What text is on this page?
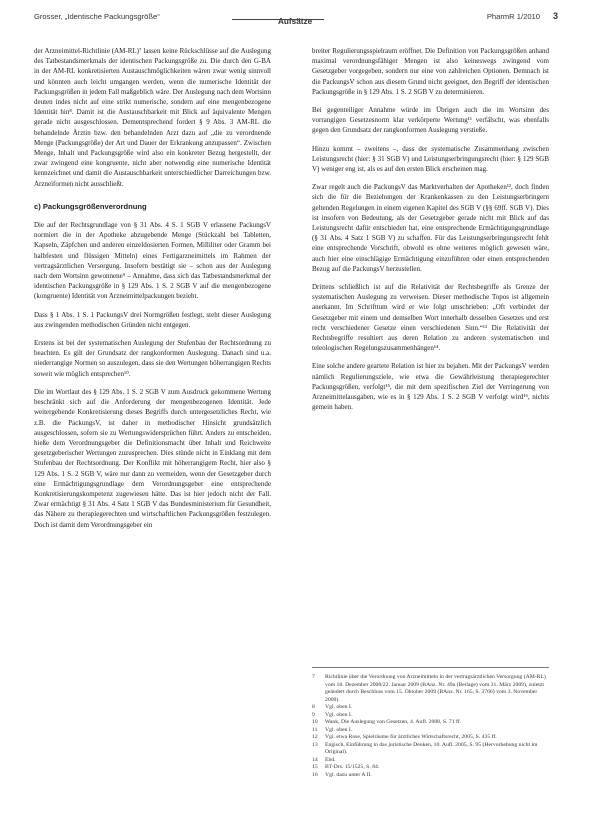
Grosser, „Identische Packungsgröße“
Aufsätze
PharmR 1/2010 3

der Arzneimittel-Richtlinie (AM-RL)⁷ lassen keine Rückschlüsse auf die Auslegung des Tatbestandsmerkmals der identischen Packungsgröße zu. Die durch den G-BA in der AM-RL konkretisierten Austauschmöglichkeiten wären zwar wenig sinnvoll und könnten auch leicht umgangen werden, wenn die numerische Identität der Packungsgrößen in jedem Fall maßgeblich wäre. Der Auslegung nach dem Wortsinn deuten indes nicht auf eine strikt numerische, sondern auf eine mengenbezogene Identität hin⁸. Damit ist die Austauschbarkeit mit Blick auf äquivalente Mengen gerade nicht ausgeschlossen. Dementsprechend fordert § 9 Abs. 3 AM-RL die behandelnde Ärztin bzw. den behandelnden Arzt dazu auf „die zu verordnende Menge (Packungsgröße) der Art und Dauer der Erkrankung anzupassen“. Zwischen Menge, Inhalt und Packungsgröße wird also ein konkreter Bezug hergestellt, der zwar zwingend eine kongruente, nicht aber notwendig eine numerische Identität kennzeichnet und damit die Austauschbarkeit unterschiedlicher Darreichungen bzw. Arzneiformen nicht ausschließt.

c) Packungsgrößenverordnung

Die auf der Rechtsgrundlage von § 31 Abs. 4 S. 1 SGB V erlassene PackungsV normiert die in der Apotheke abzugebende Menge (Stückzahl bei Tabletten, Kapseln, Zäpfchen und anderen einzeldosierten Formen, Milliliter oder Gramm bei halbfesten und flüssigen Mitteln) eines Fertigarzneimittels im Rahmen der vertragsärztlichen Versorgung. Insofern bestätigt sie – schon aus der Auslegung nach dem Wortsinn gewonnene⁹ – Annahme, dass sich das Tatbestandsmerkmal der identischen Packungsgröße in § 129 Abs. 1 S. 2 SGB V auf die mengenbezogene (kongruente) Identität von Arzneimittelpackungen bezieht.

Dass § 1 Abs. 1 S. 1 PackungsV drei Normgrößen festlegt, steht dieser Auslegung aus zwingenden methodischen Gründen nicht entgegen.

Erstens ist bei der systematischen Auslegung der Stufenbau der Rechtsordnung zu beachten. Es gilt der Grundsatz der rangkonformen Auslegung. Danach sind u.a. niederrangige Normen so auszulegen, dass sie den Wertungen höherrangigen Rechts soweit wie möglich entsprechen¹⁰.

Die im Wortlaut des § 129 Abs. 1 S. 2 SGB V zum Ausdruck gekommene Wertung beschränkt sich auf die Anforderung der mengenbezogenen Identität. Jede weitergehende Konkretisierung dieses Begriffs durch untergesetzliches Recht, wie z.B. die PackungsV, ist daher in methodischer Hinsicht grundsätzlich ausgeschlossen, sofern sie zu Wertungswidersprüchen führt. Anders zu entscheiden, hieße dem Verordnungsgeber die Definitionsmacht über Inhalt und Reichweite gesetzgeberischer Wertungen zuzusprechen. Dies stünde nicht in Einklang mit dem Stufenbau der Rechtsordnung. Der Konflikt mit höherrangigem Recht, hier also § 129 Abs. 1 S. 2 SGB V, wäre nur dann zu vermeiden, wenn der Gesetzgeber durch eine Ermächtigungsgrundlage dem Verordnungsgeber eine entsprechende Konkretisierungskompetenz zugewiesen hätte. Das ist hier jedoch nicht der Fall. Zwar ermächtigt § 31 Abs. 4 Satz 1 SGB V das Bundesministerium für Gesundheit, das Nähere zu therapiegerechten und wirtschaftlichen Packungsgrößen festzulegen. Doch ist damit dem Verordnungsgeber ein

breiter Regulierungsspielraum eröffnet. Die Definition von Packungsgrößen anhand maximal verordnungsfähiger Mengen ist also keineswegs zwingend vom Gesetzgeber vorgegeben, sondern nur eine von zahlreichen Optionen. Demnach ist die PackungsV schon aus diesem Grund nicht geeignet, den Begriff der identischen Packungsgröße in § 129 Abs. 1 S. 2 SGB V zu determinieren.

Bei gegenteiliger Annahme würde im Übrigen auch die im Wortsinn des vorrangigen Gesetzesnorm klar verkörperte Wertung¹¹ verfälscht, was ebenfalls gegen den Grundsatz der rangkonformen Auslegung verstieße.

Hinzu kommt – zweitens –, dass der systematische Zusammenhang zwischen Leistungsrecht (hier: § 31 SGB V) und Leistungserbringungsrecht (hier: § 129 SGB V) weniger eng ist, als es auf den ersten Blick erscheinen mag.

Zwar regelt auch die PackungsV das Marktverhalten der Apotheken¹², doch finden sich die für die Beziehungen der Krankenkassen zu den Leistungserbringern geltenden Regelungen in einem eigenen Kapitel des SGB V (§§ 69ff. SGB V). Dies ist insofern von Bedeutung, als der Gesetzgeber gerade nicht mit Blick auf das Leistungsrecht dafür entschieden hat, eine entsprechende Ermächtigungsgrundlage (§ 31 Abs. 4 Satz 1 SGB V) zu schaffen. Für das Leistungserbringungsrecht fehlt eine entsprechende Vorschrift, obwohl es ohne weiteres möglich gewesen wäre, auch hier eine einschlägige Ermächtigung einzuführen oder einen entsprechenden Bezug auf die PackungsV herzustellen.

Drittens schließlich ist auf die Relativität der Rechtsbegriffe als Grenze der systematischen Auslegung zu verweisen. Dieser methodische Topos ist allgemein anerkannt. Im Schrifttum wird er wie folgt umschrieben: „Oft verbindet der Gesetzgeber mit einem und demselben Wort innerhalb desselben Gesetzes und erst recht verschiedener Gesetze einen verschiedenen Sinn.“¹³ Die Relativität der Rechtsbegriffe resultiert aus deren Relation zu anderen systematischen und teleologischen Regelungszusammenhängen¹⁴.

Eine solche andere geartete Relation ist hier zu bejahen. Mit der PackungsV werden nämlich Regulierungsziele, wie etwa die Gewährleistung therapiegerechter Packungsgrößen, verfolgt¹⁵, die mit dem spezifischen Ziel der Verringerung von Arzneimittelausgaben, wie es in § 129 Abs. 1 S. 2 SGB V verfolgt wird¹⁶, nichts gemein haben.

7	Richtlinie über die Verordnung von Arzneimitteln in der vertragsärztlichen Versorgung (AM-RL) vom 18. Dezember 2008/22. Januar 2009 (BAnz. Nr. 49a (Beilage) vom 31. März 2009), zuletzt geändert durch Beschluss vom 15. Oktober 2009 (BAnz. Nr. 165, S. 3766) vom 3. November 2009).
8	Vgl. oben I.
9	Vgl. oben I.
10	Wank, Die Auslegung von Gesetzen, 4. Aufl. 2008, S. 71 ff.
11	Vgl. oben I.
12	Vgl. etwa Rose, Spielräume für ärztliches Wirtschaftsrecht, 2005, S. 435 ff.
13	Engisch, Einführung in das juristische Denken, 10. Aufl. 2005, S. 95 (Hervorhebung nicht im Original).
14	Ebd.
15	BT-Drs. 15/1525, S. 84.
16	Vgl. dazu unter A II.
